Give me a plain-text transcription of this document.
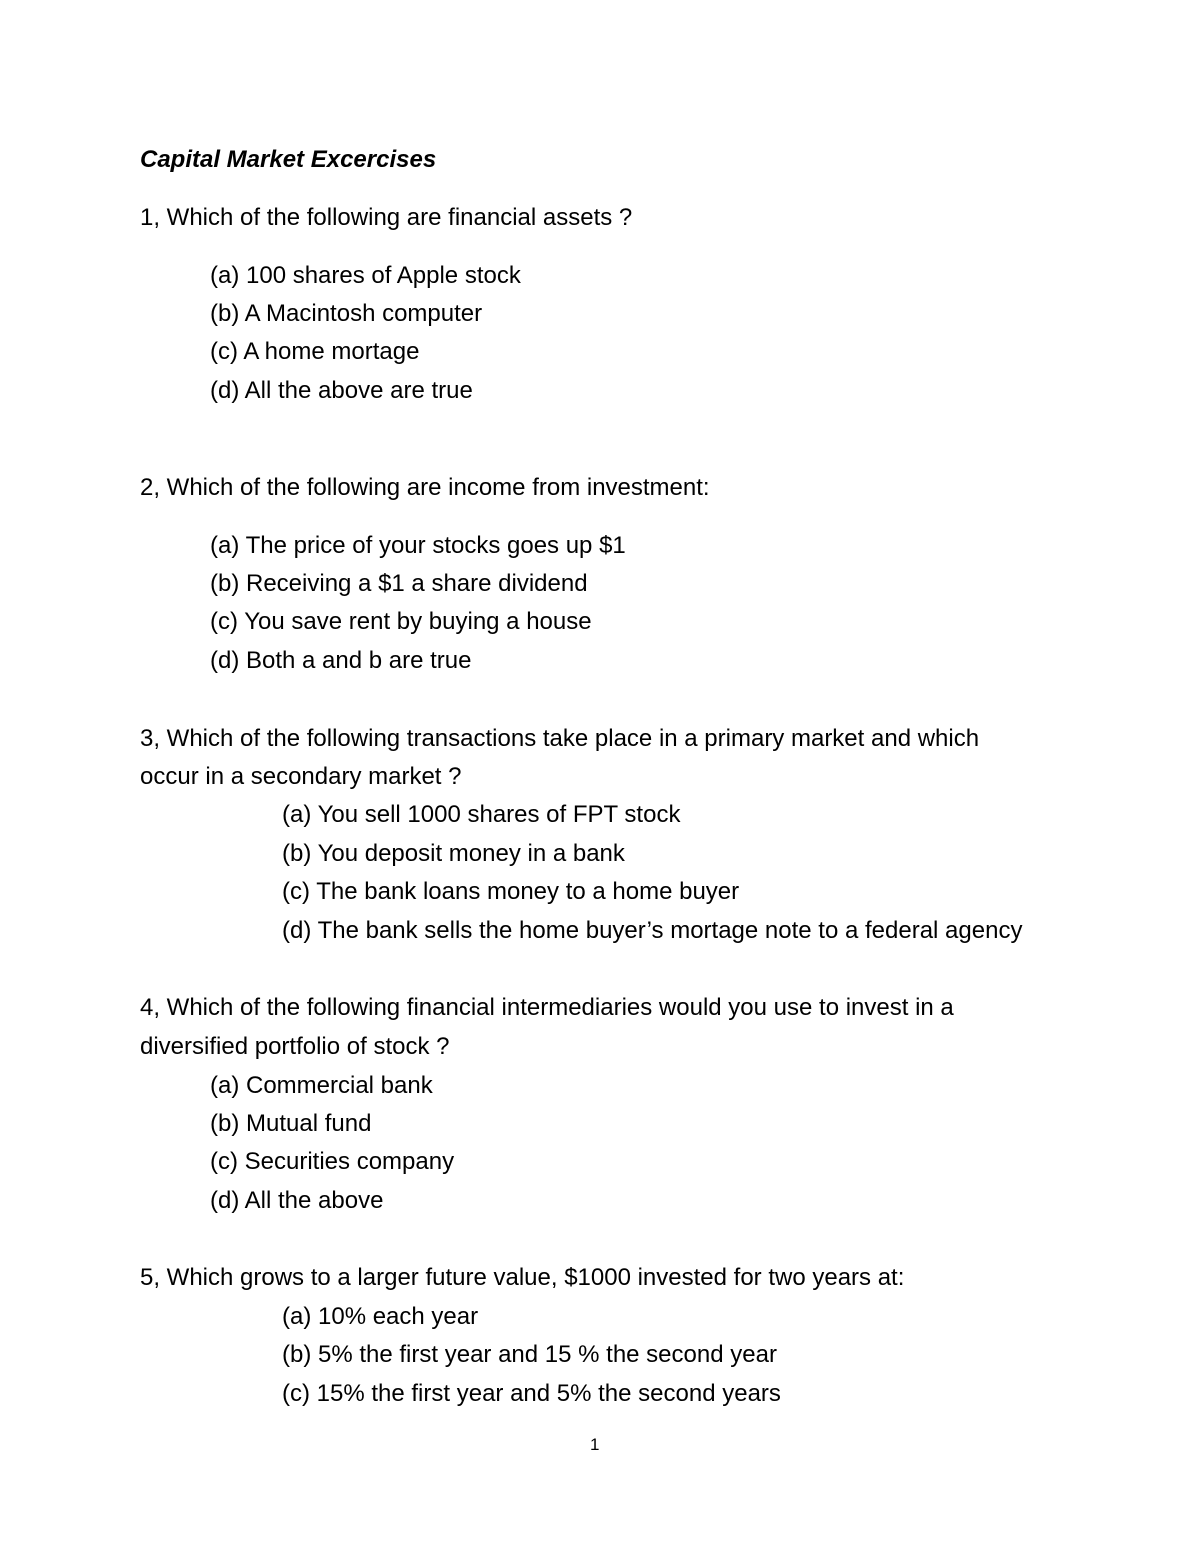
Capital Market Excercises
1, Which of the following are financial assets ?
(a) 100 shares of Apple stock
(b) A Macintosh computer
(c) A home mortage
(d) All the above are true
2, Which of the following are income from investment:
(a) The price of your stocks goes up $1
(b) Receiving a $1 a share dividend
(c) You save rent by buying a house
(d) Both a and b are true
3, Which of the following transactions take place in a primary market and which
occur in a secondary market ?
(a) You sell 1000 shares of FPT stock
(b) You deposit money in a bank
(c) The bank loans money to a home buyer
(d) The bank sells the home buyer’s mortage note to a federal agency
4, Which of the following financial intermediaries would you use to invest in a
diversified portfolio of stock ?
(a) Commercial bank
(b) Mutual fund
(c) Securities company
(d) All the above
5, Which grows to a larger future value, $1000 invested for two years at:
(a) 10% each year
(b) 5% the first year and 15 % the second year
(c) 15% the first year and 5% the second years
1
